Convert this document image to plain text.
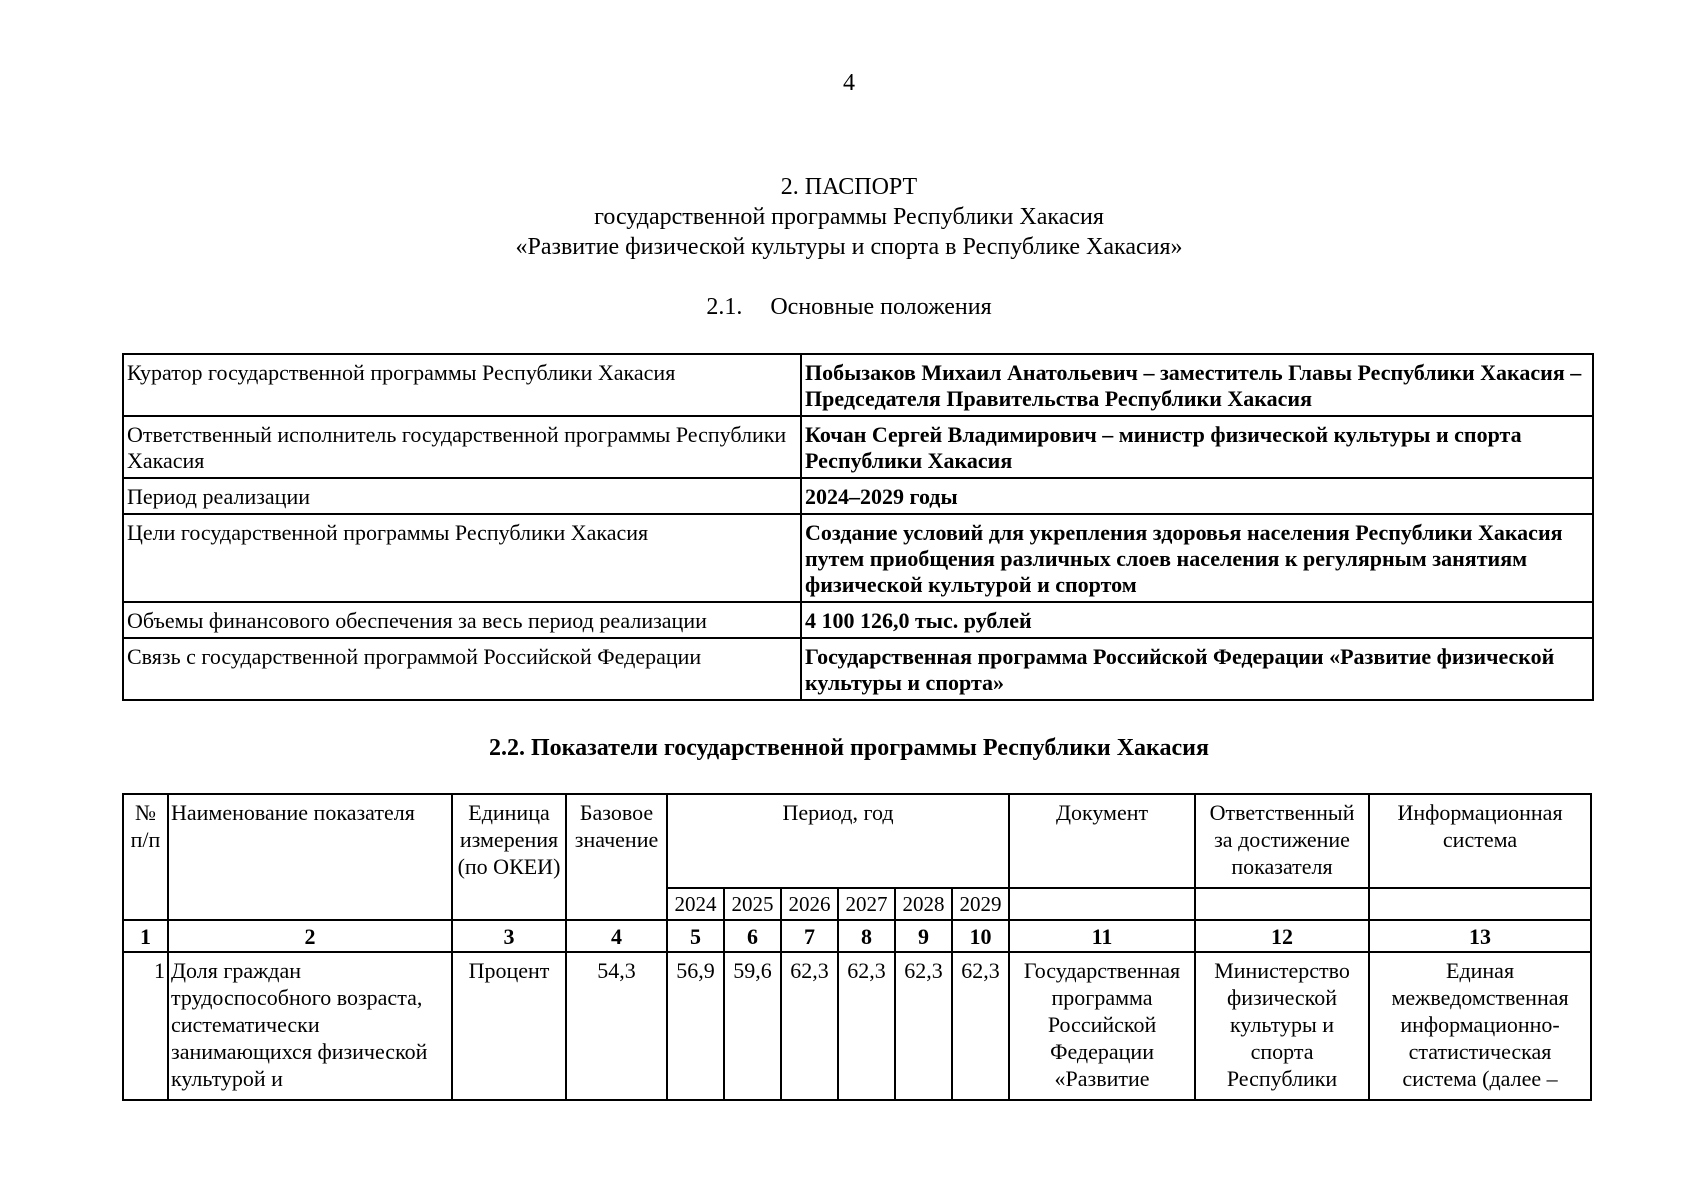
4
2. ПАСПОРТ
государственной программы Республики Хакасия
«Развитие физической культуры и спорта в Республике Хакасия»
2.1. Основные положения
Куратор государственной программы Республики Хакасия	Побызаков Михаил Анатольевич – заместитель Главы Республики Хакасия – Председателя Правительства Республики Хакасия
Ответственный исполнитель государственной программы Республики Хакасия	Кочан Сергей Владимирович – министр физической культуры и спорта Республики Хакасия
Период реализации	2024–2029 годы
Цели государственной программы Республики Хакасия	Создание условий для укрепления здоровья населения Республики Хакасия путем приобщения различных слоев населения к регулярным занятиям физической культурой и спортом
Объемы финансового обеспечения за весь период реализации	4 100 126,0 тыс. рублей
Связь с государственной программой Российской Федерации	Государственная программа Российской Федерации «Развитие физической культуры и спорта»
2.2. Показатели государственной программы Республики Хакасия
№ п/п	Наименование показателя	Единица измерения (по ОКЕИ)	Базовое значение	Период, год						Документ	Ответственный за достижение показателя	Информационная система
				2024	2025	2026	2027	2028	2029			
1	2	3	4	5	6	7	8	9	10	11	12	13
1	Доля граждан трудоспособного возраста, систематически занимающихся физической культурой и	Процент	54,3	56,9	59,6	62,3	62,3	62,3	62,3	Государственная программа Российской Федерации «Развитие	Министерство физической культуры и спорта Республики	Единая межведомственная информационно-статистическая система (далее –
